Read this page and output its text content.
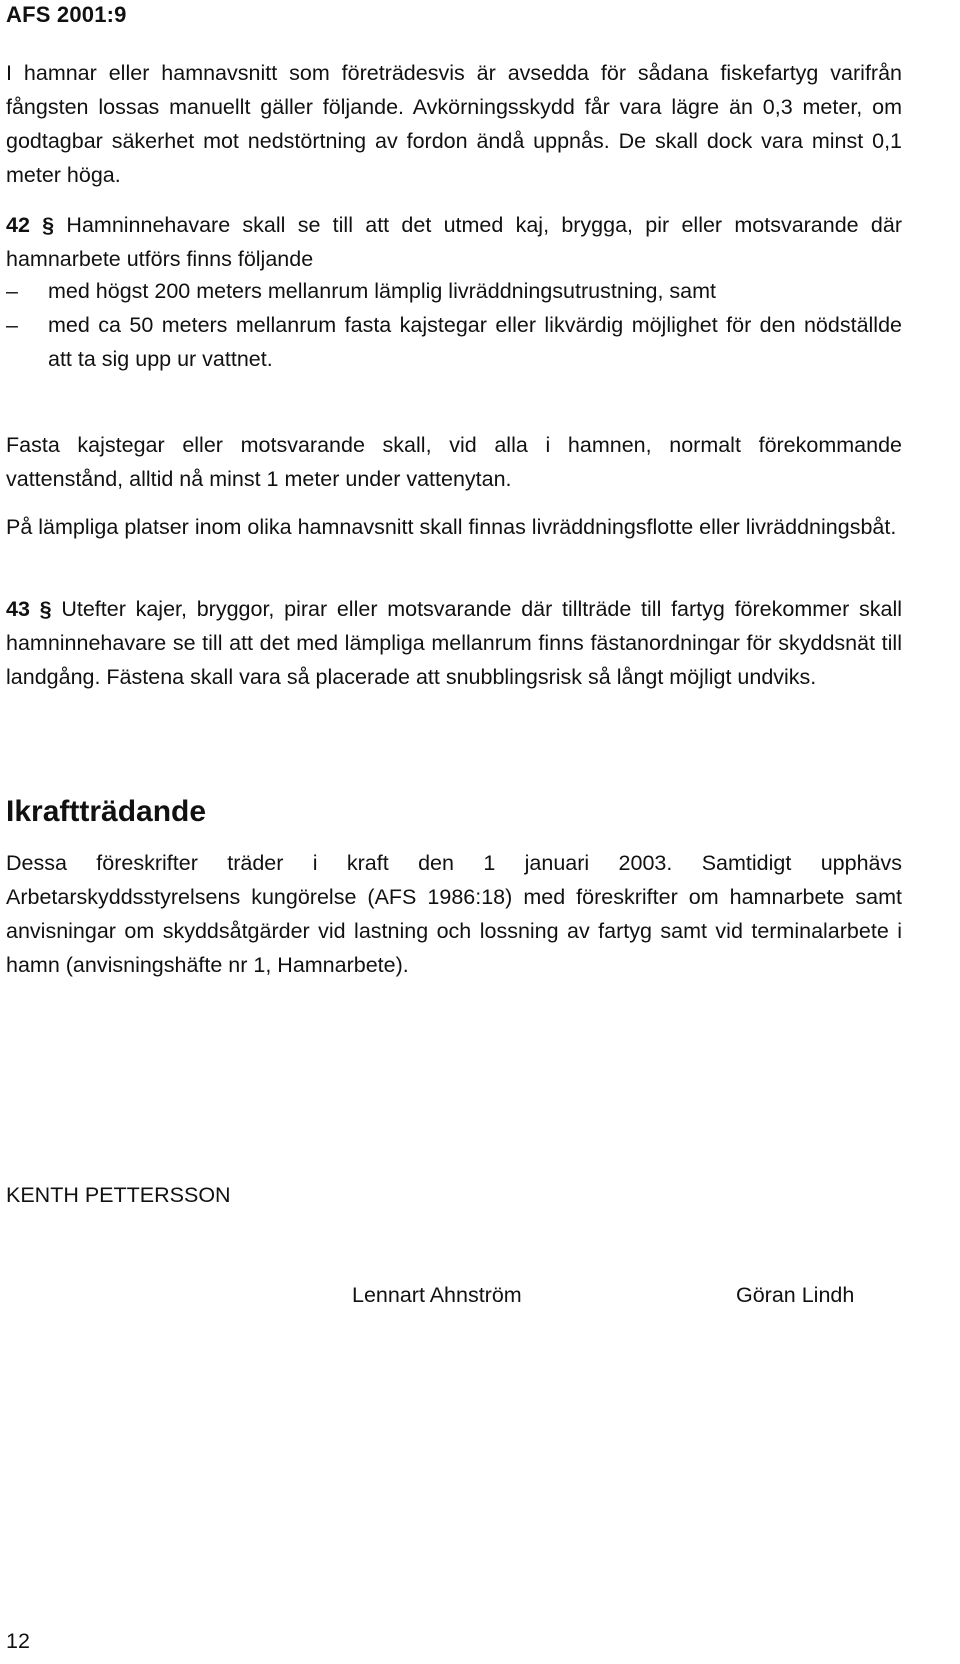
AFS 2001:9

I hamnar eller hamnavsnitt som företrädesvis är avsedda för sådana fiskefartyg varifrån fångsten lossas manuellt gäller följande. Avkörningsskydd får vara lägre än 0,3 meter, om godtagbar säkerhet mot nedstörtning av fordon ändå uppnås. De skall dock vara minst 0,1 meter höga.

42 § Hamninnehavare skall se till att det utmed kaj, brygga, pir eller motsvarande där hamnarbete utförs finns följande

– med högst 200 meters mellanrum lämplig livräddningsutrustning, samt
– med ca 50 meters mellanrum fasta kajstegar eller likvärdig möjlighet för den nödställde att ta sig upp ur vattnet.

Fasta kajstegar eller motsvarande skall, vid alla i hamnen, normalt förekommande vattenstånd, alltid nå minst 1 meter under vattenytan.

På lämpliga platser inom olika hamnavsnitt skall finnas livräddningsflotte eller livräddningsbåt.

43 § Utefter kajer, bryggor, pirar eller motsvarande där tillträde till fartyg förekommer skall hamninnehavare se till att det med lämpliga mellanrum finns fästanordningar för skyddsnät till landgång. Fästena skall vara så placerade att snubblingsrisk så långt möjligt undviks.

Ikraftträdande

Dessa föreskrifter träder i kraft den 1 januari 2003. Samtidigt upphävs Arbetarskyddsstyrelsens kungörelse (AFS 1986:18) med föreskrifter om hamnarbete samt anvisningar om skyddsåtgärder vid lastning och lossning av fartyg samt vid terminalarbete i hamn (anvisningshäfte nr 1, Hamnarbete).

KENTH PETTERSSON
Lennart Ahnström	Göran Lindh
12
